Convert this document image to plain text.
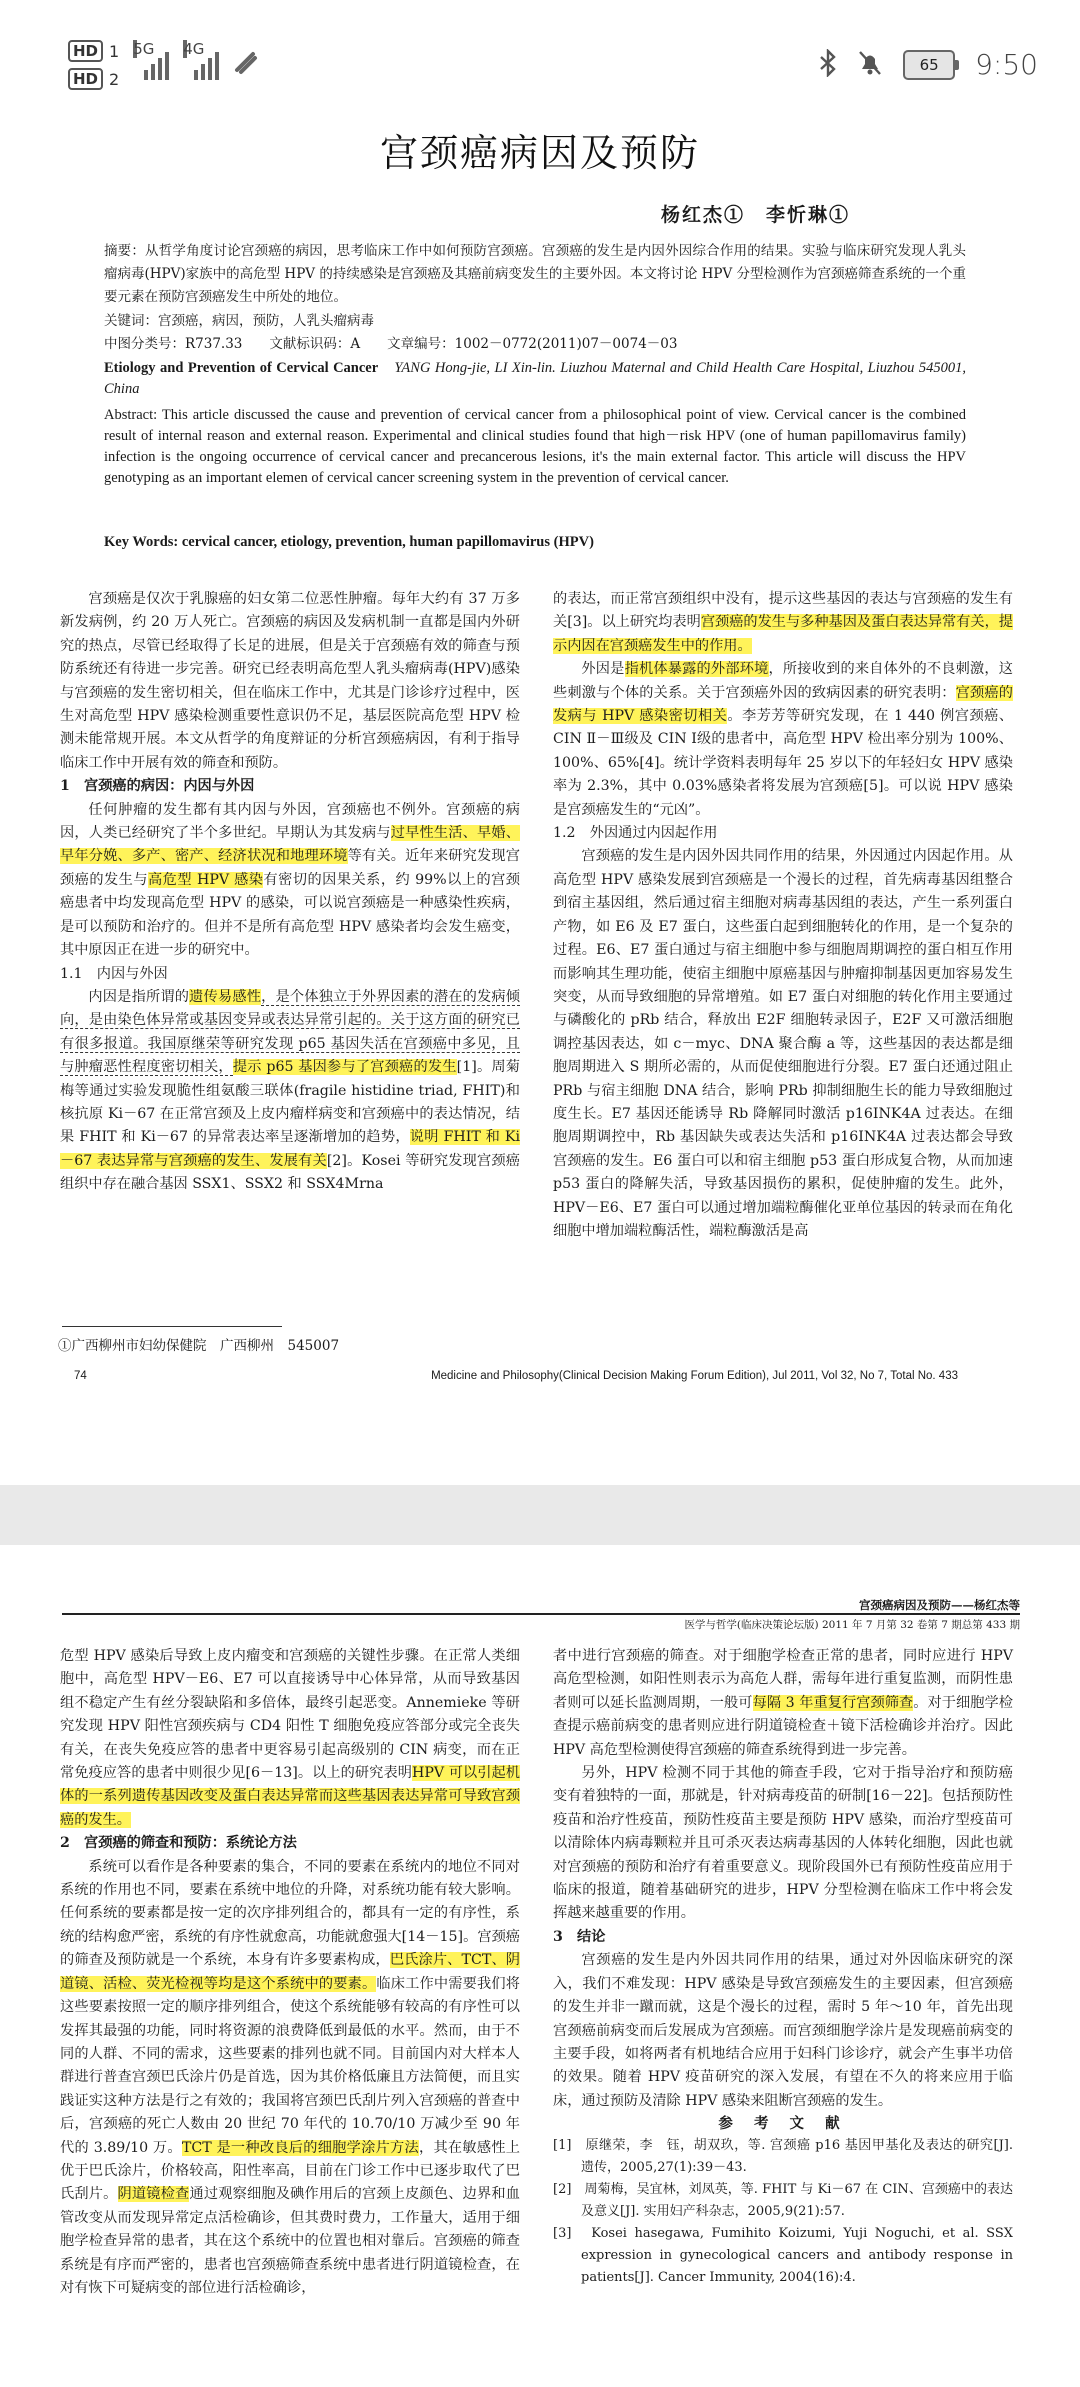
HD 1
HD 2
5G 4G
65 9:50
宫颈癌病因及预防
杨红杰①　李忻琳①
摘要：从哲学角度讨论宫颈癌的病因，思考临床工作中如何预防宫颈癌。宫颈癌的发生是内因外因综合作用的结果。实验与临床研究发现人乳头瘤病毒(HPV)家族中的高危型 HPV 的持续感染是宫颈癌及其癌前病变发生的主要外因。本文将讨论 HPV 分型检测作为宫颈癌筛查系统的一个重要元素在预防宫颈癌发生中所处的地位。
关键词：宫颈癌，病因，预防，人乳头瘤病毒
中图分类号：R737.33　　文献标识码：A　　文章编号：1002－0772(2011)07－0074－03
Etiology and Prevention of Cervical Cancer　 YANG Hong-jie, LI Xin-lin. Liuzhou Maternal and Child Health Care Hospital, Liuzhou 545001, China
Abstract: This article discussed the cause and prevention of cervical cancer from a philosophical point of view. Cervical cancer is the combined result of internal reason and external reason. Experimental and clinical studies found that high－risk HPV (one of human papillomavirus family) infection is the ongoing occurrence of cervical cancer and precancerous lesions, it's the main external factor. This article will discuss the HPV genotyping as an important elemen of cervical cancer screening system in the prevention of cervical cancer.
Key Words: cervical cancer, etiology, prevention, human papillomavirus (HPV)

宫颈癌是仅次于乳腺癌的妇女第二位恶性肿瘤。每年大约有 37 万多新发病例，约 20 万人死亡。宫颈癌的病因及发病机制一直都是国内外研究的热点，尽管已经取得了长足的进展，但是关于宫颈癌有效的筛查与预防系统还有待进一步完善。研究已经表明高危型人乳头瘤病毒(HPV)感染与宫颈癌的发生密切相关，但在临床工作中，尤其是门诊诊疗过程中，医生对高危型 HPV 感染检测重要性意识仍不足，基层医院高危型 HPV 检测未能常规开展。本文从哲学的角度辩证的分析宫颈癌病因，有利于指导临床工作中开展有效的筛查和预防。

1　宫颈癌的病因：内因与外因

任何肿瘤的发生都有其内因与外因，宫颈癌也不例外。宫颈癌的病因，人类已经研究了半个多世纪。早期认为其发病与过早性生活、早婚、早年分娩、多产、密产、经济状况和地理环境等有关。近年来研究发现宫颈癌的发生与高危型 HPV 感染有密切的因果关系，约 99%以上的宫颈癌患者中均发现高危型 HPV 的感染，可以说宫颈癌是一种感染性疾病，是可以预防和治疗的。但并不是所有高危型 HPV 感染者均会发生癌变，其中原因正在进一步的研究中。

1.1　内因与外因

内因是指所谓的遗传易感性，是个体独立于外界因素的潜在的发病倾向，是由染色体异常或基因变异或表达异常引起的。关于这方面的研究已有很多报道。我国原继荣等研究发现 p65 基因失活在宫颈癌中多见，且与肿瘤恶性程度密切相关，提示 p65 基因参与了宫颈癌的发生[1]。周菊梅等通过实验发现脆性组氨酸三联体(fragile histidine triad, FHIT)和核抗原 Ki－67 在正常宫颈及上皮内瘤样病变和宫颈癌中的表达情况，结果 FHIT 和 Ki－67 的异常表达率呈逐渐增加的趋势，说明 FHIT 和 Ki－67 表达异常与宫颈癌的发生、发展有关[2]。Kosei 等研究发现宫颈癌组织中存在融合基因 SSX1、SSX2 和 SSX4Mrna

的表达，而正常宫颈组织中没有，提示这些基因的表达与宫颈癌的发生有关[3]。以上研究均表明宫颈癌的发生与多种基因及蛋白表达异常有关，提示内因在宫颈癌发生中的作用。

外因是指机体暴露的外部环境，所接收到的来自体外的不良刺激，这些刺激与个体的关系。关于宫颈癌外因的致病因素的研究表明：宫颈癌的发病与 HPV 感染密切相关。李芳芳等研究发现，在 1 440 例宫颈癌、CIN Ⅱ－Ⅲ级及 CIN Ⅰ级的患者中，高危型 HPV 检出率分别为 100%、100%、65%[4]。统计学资料表明每年 25 岁以下的年轻妇女 HPV 感染率为 2.3%，其中 0.03%感染者将发展为宫颈癌[5]。可以说 HPV 感染是宫颈癌发生的“元凶”。

1.2　外因通过内因起作用

宫颈癌的发生是内因外因共同作用的结果，外因通过内因起作用。从高危型 HPV 感染发展到宫颈癌是一个漫长的过程，首先病毒基因组整合到宿主基因组，然后通过宿主细胞对病毒基因组的表达，产生一系列蛋白产物，如 E6 及 E7 蛋白，这些蛋白起到细胞转化的作用，是一个复杂的过程。E6、E7 蛋白通过与宿主细胞中参与细胞周期调控的蛋白相互作用而影响其生理功能，使宿主细胞中原癌基因与肿瘤抑制基因更加容易发生突变，从而导致细胞的异常增殖。如 E7 蛋白对细胞的转化作用主要通过与磷酸化的 pRb 结合，释放出 E2F 细胞转录因子，E2F 又可激活细胞调控基因表达，如 c－myc、DNA 聚合酶 a 等，这些基因的表达都是细胞周期进入 S 期所必需的，从而促使细胞进行分裂。E7 蛋白还通过阻止 PRb 与宿主细胞 DNA 结合，影响 PRb 抑制细胞生长的能力导致细胞过度生长。E7 基因还能诱导 Rb 降解同时激活 p16INK4A 过表达。在细胞周期调控中，Rb 基因缺失或表达失活和 p16INK4A 过表达都会导致宫颈癌的发生。E6 蛋白可以和宿主细胞 p53 蛋白形成复合物，从而加速 p53 蛋白的降解失活，导致基因损伤的累积，促使肿瘤的发生。此外，HPV－E6、E7 蛋白可以通过增加端粒酶催化亚单位基因的转录而在角化细胞中增加端粒酶活性，端粒酶激活是高

①广西柳州市妇幼保健院　广西柳州　545007
74	Medicine and Philosophy(Clinical Decision Making Forum Edition), Jul 2011, Vol 32, No 7, Total No. 433
宫颈癌病因及预防——杨红杰等
医学与哲学(临床决策论坛版) 2011 年 7 月第 32 卷第 7 期总第 433 期

危型 HPV 感染后导致上皮内瘤变和宫颈癌的关键性步骤。在正常人类细胞中，高危型 HPV－E6、E7 可以直接诱导中心体异常，从而导致基因组不稳定产生有丝分裂缺陷和多倍体，最终引起恶变。Annemieke 等研究发现 HPV 阳性宫颈疾病与 CD4 阳性 T 细胞免疫应答部分或完全丧失有关，在丧失免疫应答的患者中更容易引起高级别的 CIN 病变，而在正常免疫应答的患者中则很少见[6－13]。以上的研究表明HPV 可以引起机体的一系列遗传基因改变及蛋白表达异常而这些基因表达异常可导致宫颈癌的发生。

2　宫颈癌的筛查和预防：系统论方法

系统可以看作是各种要素的集合，不同的要素在系统内的地位不同对系统的作用也不同，要素在系统中地位的升降，对系统功能有较大影响。任何系统的要素都是按一定的次序排列组合的，都具有一定的有序性，系统的结构愈严密，系统的有序性就愈高，功能就愈强大[14－15]。宫颈癌的筛查及预防就是一个系统，本身有许多要素构成，巴氏涂片、TCT、阴道镜、活检、荧光检视等均是这个系统中的要素。临床工作中需要我们将这些要素按照一定的顺序排列组合，使这个系统能够有较高的有序性可以发挥其最强的功能，同时将资源的浪费降低到最低的水平。然而，由于不同的人群、不同的需求，这些要素的排列也就不同。目前国内对大样本人群进行普查宫颈巴氏涂片仍是首选，因为其价格低廉且方法简便，而且实践证实这种方法是行之有效的；我国将宫颈巴氏刮片列入宫颈癌的普查中后，宫颈癌的死亡人数由 20 世纪 70 年代的 10.70/10 万减少至 90 年代的 3.89/10 万。TCT 是一种改良后的细胞学涂片方法，其在敏感性上优于巴氏涂片，价格较高，阳性率高，目前在门诊工作中已逐步取代了巴氏刮片。阴道镜检查通过观察细胞及碘作用后的宫颈上皮颜色、边界和血管改变从而发现异常定点活检确诊，但其费时费力，工作量大，适用于细胞学检查异常的患者，其在这个系统中的位置也相对靠后。宫颈癌的筛查系统是有序而严密的，患者也宫颈癌筛查系统中患者进行阴道镜检查，在对有恢下可疑病变的部位进行活检确诊，

者中进行宫颈癌的筛查。对于细胞学检查正常的患者，同时应进行 HPV 高危型检测，如阳性则表示为高危人群，需每年进行重复监测，而阴性患者则可以延长监测周期，一般可每隔 3 年重复行宫颈筛查。对于细胞学检查提示癌前病变的患者则应进行阴道镜检查＋镜下活检确诊并治疗。因此 HPV 高危型检测使得宫颈癌的筛查系统得到进一步完善。

另外，HPV 检测不同于其他的筛查手段，它对于指导治疗和预防癌变有着独特的一面，那就是，针对病毒疫苗的研制[16－22]。包括预防性疫苗和治疗性疫苗，预防性疫苗主要是预防 HPV 感染，而治疗型疫苗可以清除体内病毒颗粒并且可杀灭表达病毒基因的人体转化细胞，因此也就对宫颈癌的预防和治疗有着重要意义。现阶段国外已有预防性疫苗应用于临床的报道，随着基础研究的进步，HPV 分型检测在临床工作中将会发挥越来越重要的作用。

3　结论

宫颈癌的发生是内外因共同作用的结果，通过对外因临床研究的深入，我们不难发现：HPV 感染是导致宫颈癌发生的主要因素，但宫颈癌的发生并非一蹴而就，这是个漫长的过程，需时 5 年～10 年，首先出现宫颈癌前病变而后发展成为宫颈癌。而宫颈细胞学涂片是发现癌前病变的主要手段，如将两者有机地结合应用于妇科门诊诊疗，就会产生事半功倍的效果。随着 HPV 疫苗研究的深入发展，有望在不久的将来应用于临床，通过预防及清除 HPV 感染来阻断宫颈癌的发生。

参 考 文 献
[1]　原继荣，李　钰，胡双玖，等. 宫颈癌 p16 基因甲基化及表达的研究[J]. 遗传，2005,27(1):39－43.
[2]　周菊梅，吴宜林，刘凤英，等. FHIT 与 Ki－67 在 CIN、宫颈癌中的表达及意义[J]. 实用妇产科杂志，2005,9(21):57.
[3]　Kosei hasegawa, Fumihito Koizumi, Yuji Noguchi, et al. SSX expression in gynecological cancers and antibody response in patients[J]. Cancer Immunity, 2004(16):4.
